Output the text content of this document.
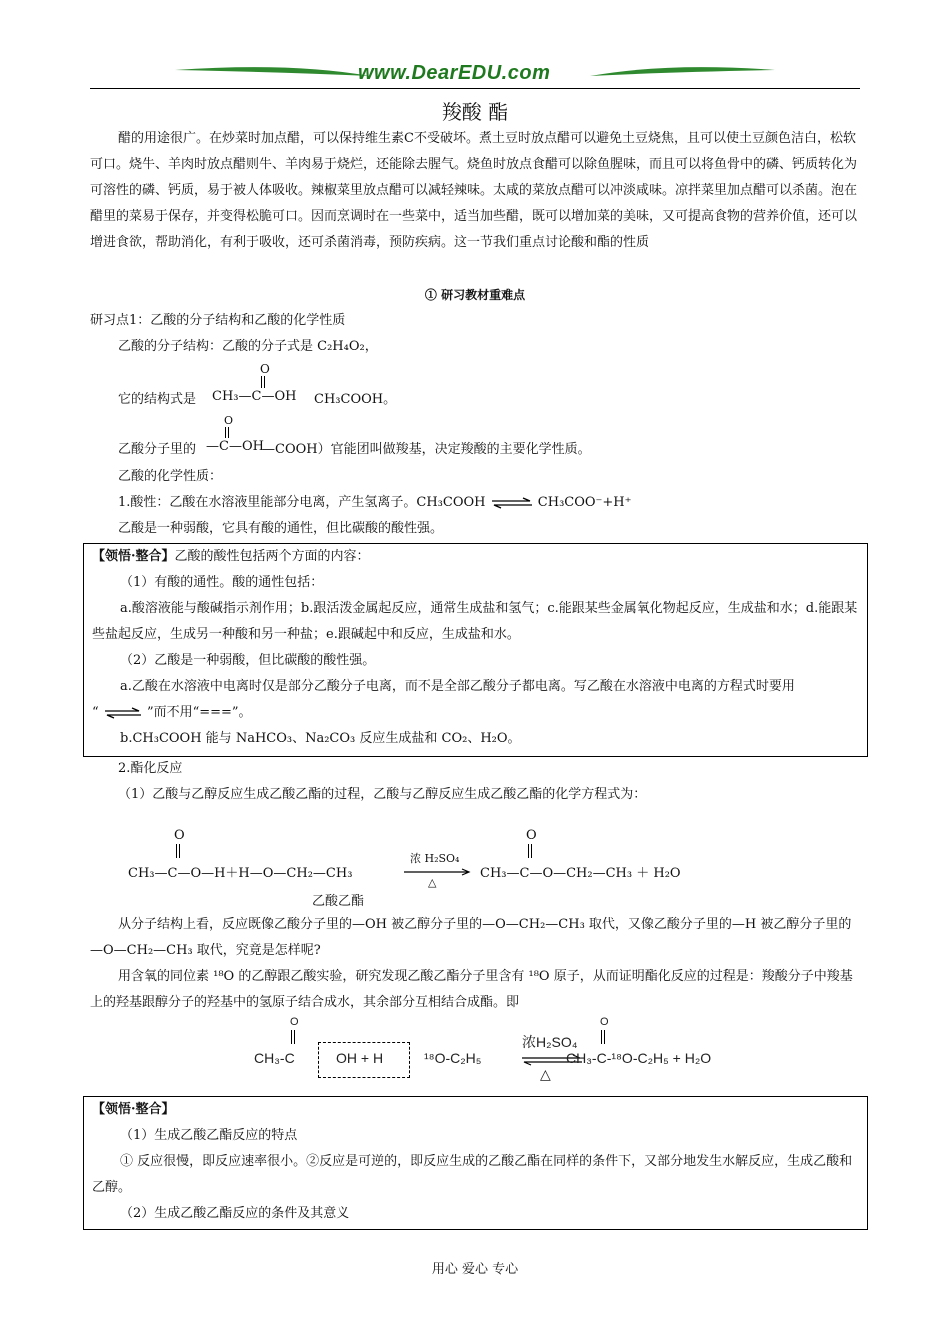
www.DearEDU.com
羧酸 酯
醋的用途很广。在炒菜时加点醋，可以保持维生素C不受破坏。煮土豆时放点醋可以避免土豆烧焦，且可以使土豆颜色洁白，松软可口。烧牛、羊肉时放点醋则牛、羊肉易于烧烂，还能除去腥气。烧鱼时放点食醋可以除鱼腥味，而且可以将鱼骨中的磷、钙质转化为可溶性的磷、钙质，易于被人体吸收。辣椒菜里放点醋可以减轻辣味。太咸的菜放点醋可以冲淡咸味。凉拌菜里加点醋可以杀菌。泡在醋里的菜易于保存，并变得松脆可口。因而烹调时在一些菜中，适当加些醋，既可以增加菜的美味，又可提高食物的营养价值，还可以增进食欲，帮助消化，有利于吸收，还可杀菌消毒，预防疾病。这一节我们重点讨论酸和酯的性质
① 研习教材重难点
研习点1：乙酸的分子结构和乙酸的化学性质
乙酸的分子结构：乙酸的分子式是 C₂H₄O₂，
它的结构式是
O
CH₃—C—OH CH₃COOH。
乙酸分子里的
O
—C—OH
—COOH）官能团叫做羧基，决定羧酸的主要化学性质。
乙酸的化学性质：
1.酸性：乙酸在水溶液里能部分电离，产生氢离子。CH₃COOH ⇌ CH₃COO⁻+H⁺
乙酸是一种弱酸，它具有酸的通性，但比碳酸的酸性强。
【领悟·整合】乙酸的酸性包括两个方面的内容：
（1）有酸的通性。酸的通性包括：
a.酸溶液能与酸碱指示剂作用；b.跟活泼金属起反应，通常生成盐和氢气；c.能跟某些金属氧化物起反应，生成盐和水；d.能跟某些盐起反应，生成另一种酸和另一种盐；e.跟碱起中和反应，生成盐和水。
（2）乙酸是一种弱酸，但比碳酸的酸性强。
a.乙酸在水溶液中电离时仅是部分乙酸分子电离，而不是全部乙酸分子都电离。写乙酸在水溶液中电离的方程式时要用
“ ⇌ ”而不用“===”。
b.CH₃COOH 能与 NaHCO₃、Na₂CO₃ 反应生成盐和 CO₂、H₂O。
2.酯化反应
（1）乙酸与乙醇反应生成乙酸乙酯的过程，乙酸与乙醇反应生成乙酸乙酯的化学方程式为：
O
CH₃—C—O—H＋H—O—CH₂—CH₃
乙酸乙酯
浓 H₂SO₄
△
O
CH₃—C—O—CH₂—CH₃ ＋ H₂O
从分子结构上看，反应既像乙酸分子里的—OH 被乙醇分子里的—O—CH₂—CH₃ 取代，又像乙酸分子里的—H 被乙醇分子里的—O—CH₂—CH₃ 取代，究竟是怎样呢?
用含氧的同位素 ¹⁸O 的乙醇跟乙酸实验，研究发现乙酸乙酯分子里含有 ¹⁸O 原子，从而证明酯化反应的过程是：羧酸分子中羧基上的羟基跟醇分子的羟基中的氢原子结合成水，其余部分互相结合成酯。即
O
CH₃-C	OH + H	¹⁸O-C₂H₅
浓H₂SO₄
△
O
CH₃-C-¹⁸O-C₂H₅ + H₂O
【领悟·整合】
（1）生成乙酸乙酯反应的特点
① 反应很慢，即反应速率很小。②反应是可逆的，即反应生成的乙酸乙酯在同样的条件下，又部分地发生水解反应，生成乙酸和乙醇。
（2）生成乙酸乙酯反应的条件及其意义
用心 爱心 专心
